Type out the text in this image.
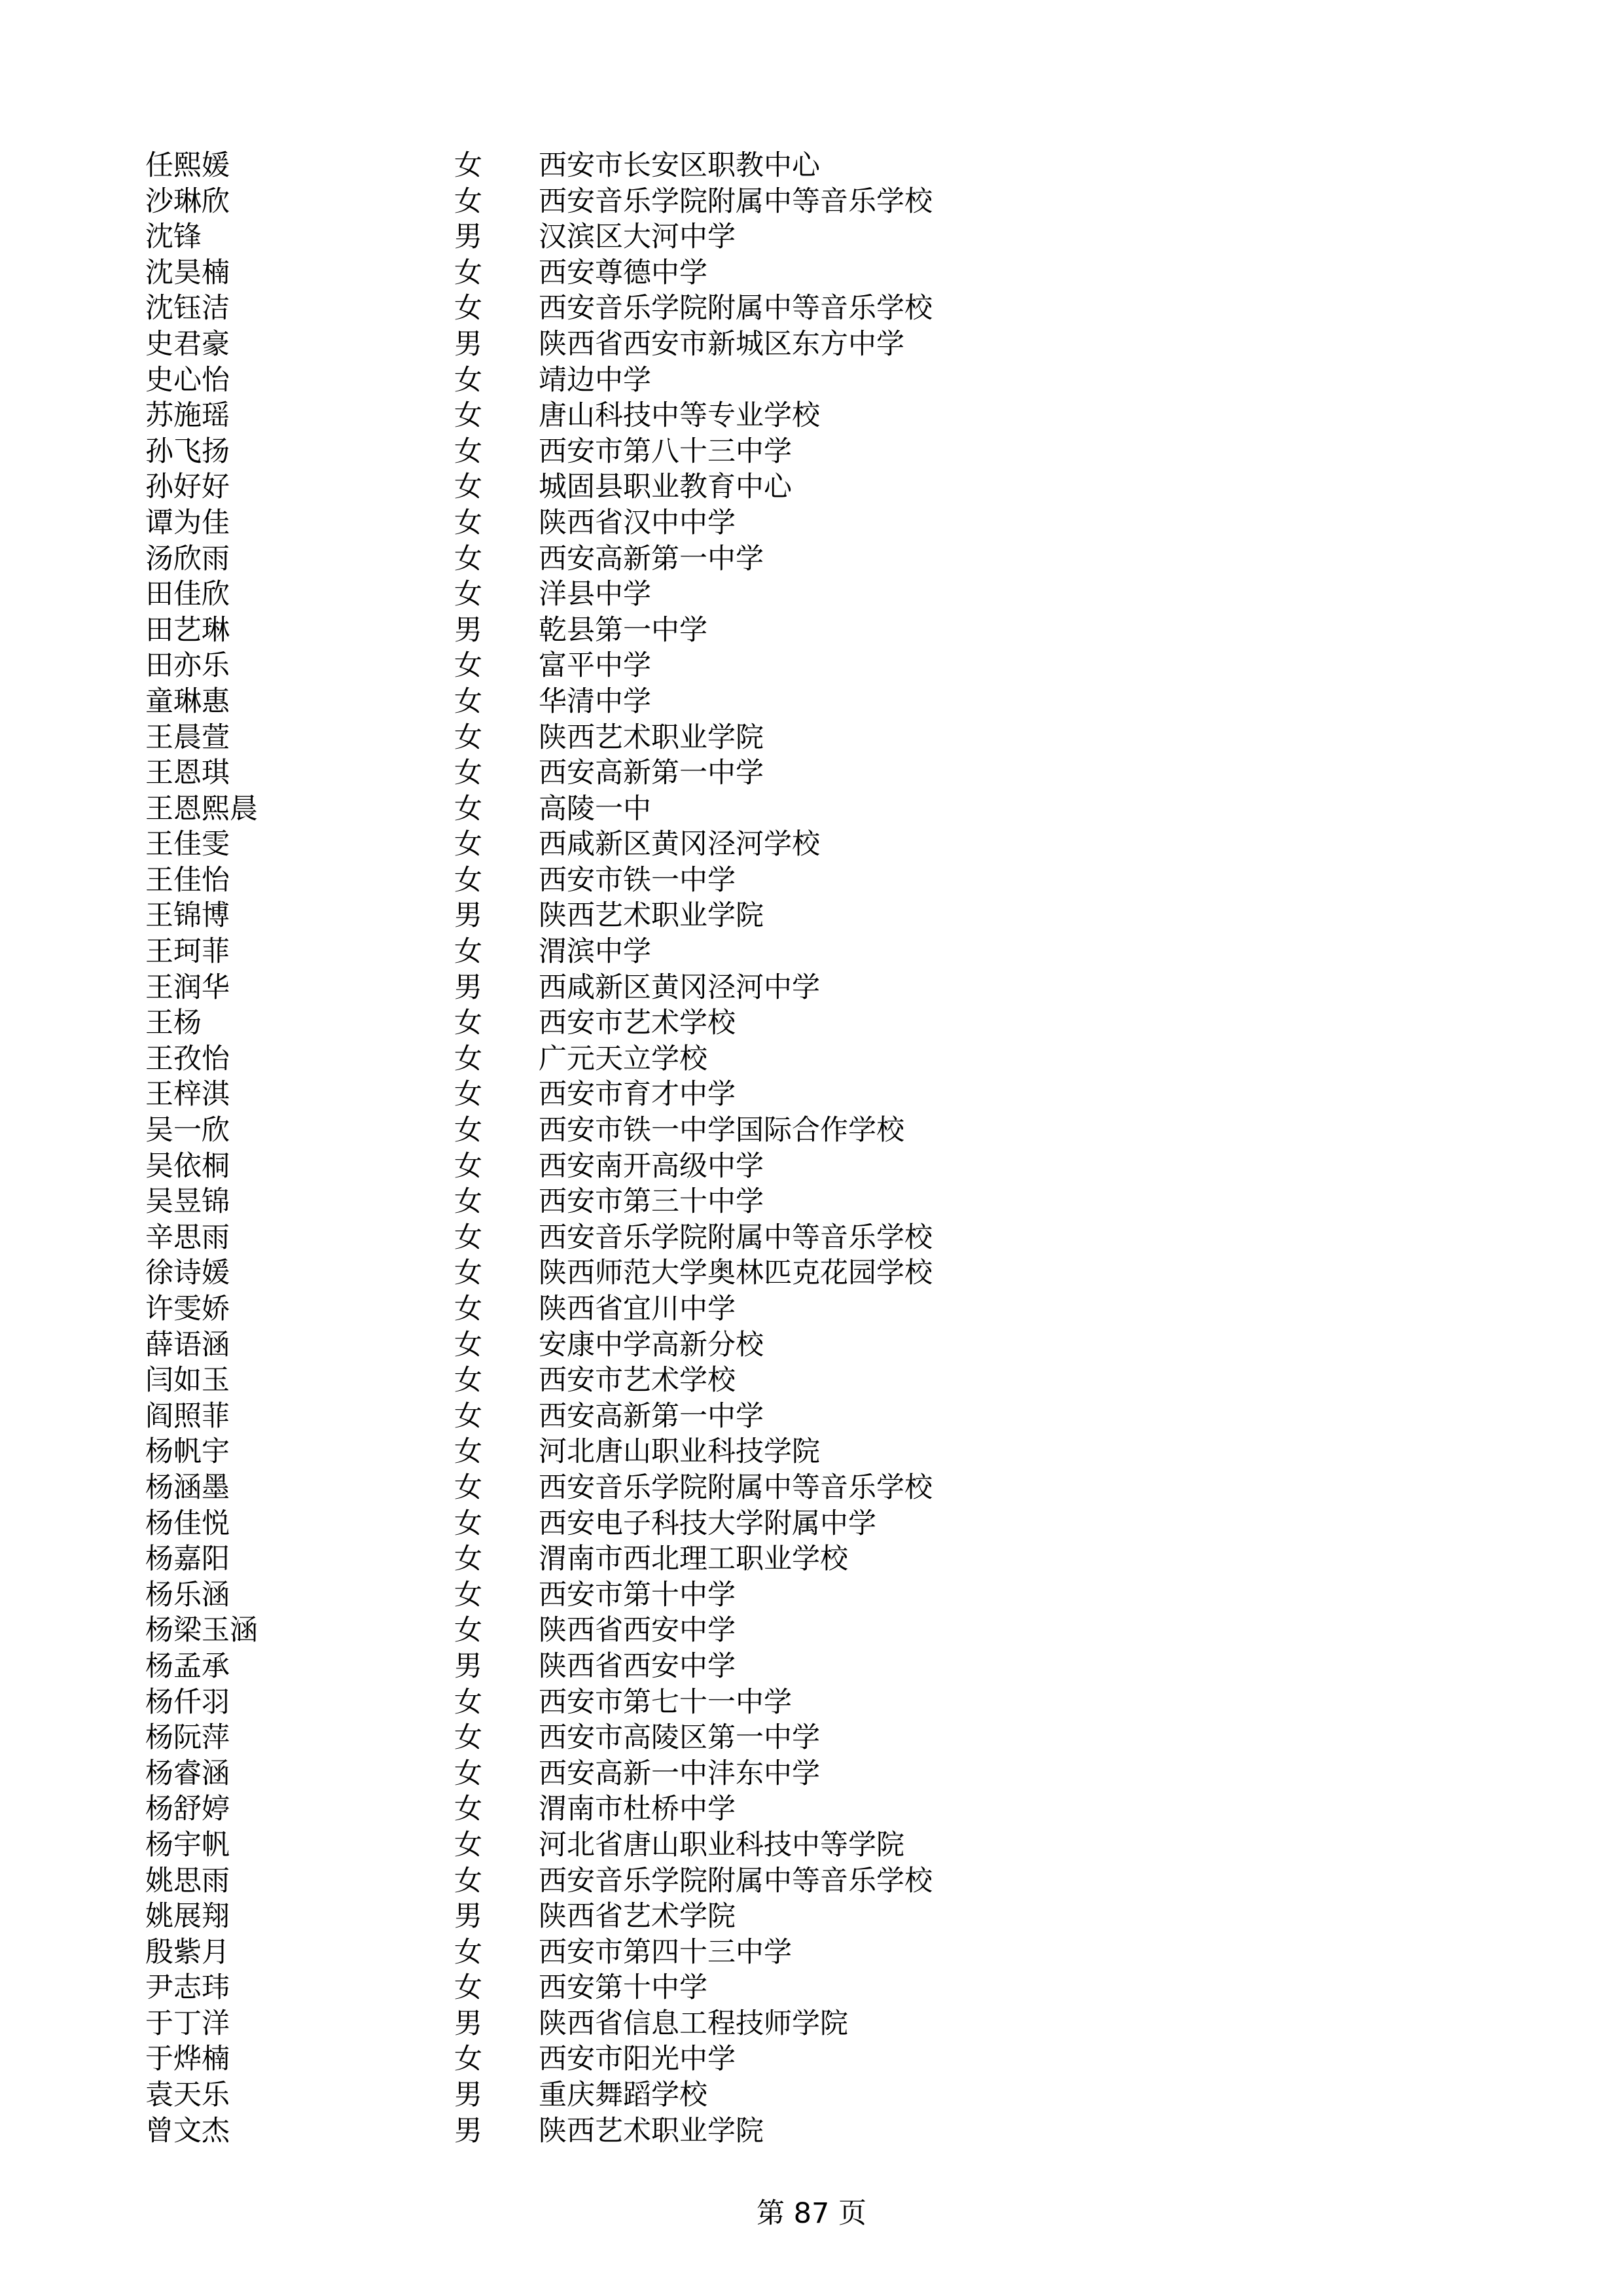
任熙媛	女 西安市长安区职教中心
沙琳欣	女 西安音乐学院附属中等音乐学校
沈锋	男 汉滨区大河中学
沈昊楠	女 西安尊德中学
沈钰洁	女 西安音乐学院附属中等音乐学校
史君豪	男 陕西省西安市新城区东方中学
史心怡	女 靖边中学
苏施瑶	女 唐山科技中等专业学校
孙飞扬	女 西安市第八十三中学
孙好好	女 城固县职业教育中心
谭为佳	女 陕西省汉中中学
汤欣雨	女 西安高新第一中学
田佳欣	女 洋县中学
田艺琳	男 乾县第一中学
田亦乐	女 富平中学
童琳惠	女 华清中学
王晨萱	女 陕西艺术职业学院
王恩琪	女 西安高新第一中学
王恩熙晨	女 高陵一中
王佳雯	女 西咸新区黄冈泾河学校
王佳怡	女 西安市铁一中学
王锦博	男 陕西艺术职业学院
王珂菲	女 渭滨中学
王润华	男 西咸新区黄冈泾河中学
王杨	女 西安市艺术学校
王孜怡	女 广元天立学校
王梓淇	女 西安市育才中学
吴一欣	女 西安市铁一中学国际合作学校
吴依桐	女 西安南开高级中学
吴昱锦	女 西安市第三十中学
辛思雨	女 西安音乐学院附属中等音乐学校
徐诗媛	女 陕西师范大学奥林匹克花园学校
许雯娇	女 陕西省宜川中学
薛语涵	女 安康中学高新分校
闫如玉	女 西安市艺术学校
阎照菲	女 西安高新第一中学
杨帆宇	女 河北唐山职业科技学院
杨涵墨	女 西安音乐学院附属中等音乐学校
杨佳悦	女 西安电子科技大学附属中学
杨嘉阳	女 渭南市西北理工职业学校
杨乐涵	女 西安市第十中学
杨梁玉涵	女 陕西省西安中学
杨孟承	男 陕西省西安中学
杨仟羽	女 西安市第七十一中学
杨阮萍	女 西安市高陵区第一中学
杨睿涵	女 西安高新一中沣东中学
杨舒婷	女 渭南市杜桥中学
杨宇帆	女 河北省唐山职业科技中等学院
姚思雨	女 西安音乐学院附属中等音乐学校
姚展翔	男 陕西省艺术学院
殷紫月	女 西安市第四十三中学
尹志玮	女 西安第十中学
于丁洋	男 陕西省信息工程技师学院
于烨楠	女 西安市阳光中学
袁天乐	男 重庆舞蹈学校
曾文杰	男 陕西艺术职业学院
第 87 页
